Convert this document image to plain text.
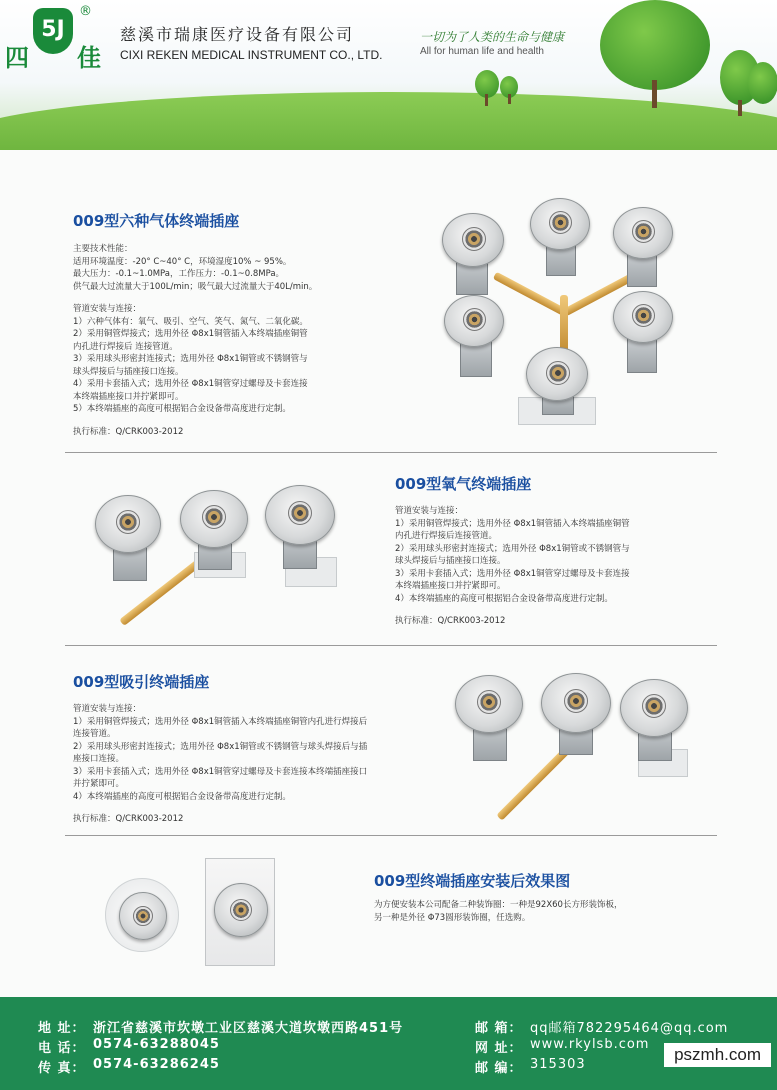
四
5J
佳
®
慈溪市瑞康医疗设备有限公司
CIXI REKEN MEDICAL INSTRUMENT CO., LTD.
一切为了人类的生命与健康
All for human life and health
009型六种气体终端插座

主要技术性能：

适用环境温度：-20° C~40° C，环境湿度10% ~ 95%。

最大压力：-0.1~1.0MPa，工作压力：-0.1~0.8MPa。

供气最大过流量大于100L/min；吸气最大过流量大于40L/min。

管道安装与连接：

1）六种气体有：氧气、吸引、空气、笑气、氮气、二氧化碳。

2）采用铜管焊接式；选用外径 Φ8x1铜管插入本终端插座铜管

内孔进行焊接后 连接管道。

3）采用球头形密封连接式；选用外径 Φ8x1铜管或不锈钢管与

球头焊接后与插座接口连接。

4）采用卡套插入式；选用外径 Φ8x1铜管穿过螺母及卡套连接

本终端插座接口并拧紧即可。

5）本终端插座的高度可根据铝合金设备带高度进行定制。

执行标准：Q/CRK003-2012

009型氧气终端插座

管道安装与连接：

1）采用铜管焊接式；选用外径 Φ8x1铜管插入本终端插座铜管

内孔进行焊接后连接管道。

2）采用球头形密封连接式；选用外径 Φ8x1铜管或不锈钢管与

球头焊接后与插座接口连接。

3）采用卡套插入式；选用外径 Φ8x1铜管穿过螺母及卡套连接

本终端插座接口并拧紧即可。

4）本终端插座的高度可根据铝合金设备带高度进行定制。

执行标准：Q/CRK003-2012

009型吸引终端插座

管道安装与连接：

1）采用铜管焊接式；选用外径 Φ8x1铜管插入本终端插座铜管内孔进行焊接后

连接管道。

2）采用球头形密封连接式；选用外径 Φ8x1铜管或不锈钢管与球头焊接后与插

座接口连接。

3）采用卡套插入式；选用外径 Φ8x1铜管穿过螺母及卡套连接本终端插座接口

并拧紧即可。

4）本终端插座的高度可根据铝合金设备带高度进行定制。

执行标准：Q/CRK003-2012

009型终端插座安装后效果图

为方便安装本公司配备二种装饰圈：一种是92X60长方形装饰板，

另一种是外径 Φ73圆形装饰圈，任选购。

地 址： 浙江省慈溪市坎墩工业区慈溪大道坎墩西路451号
电 话： 0574-63288045
传 真： 0574-63286245
邮 箱： qq邮箱782295464@qq.com
网 址： www.rkylsb.com
邮 编： 315303
pszmh.com
